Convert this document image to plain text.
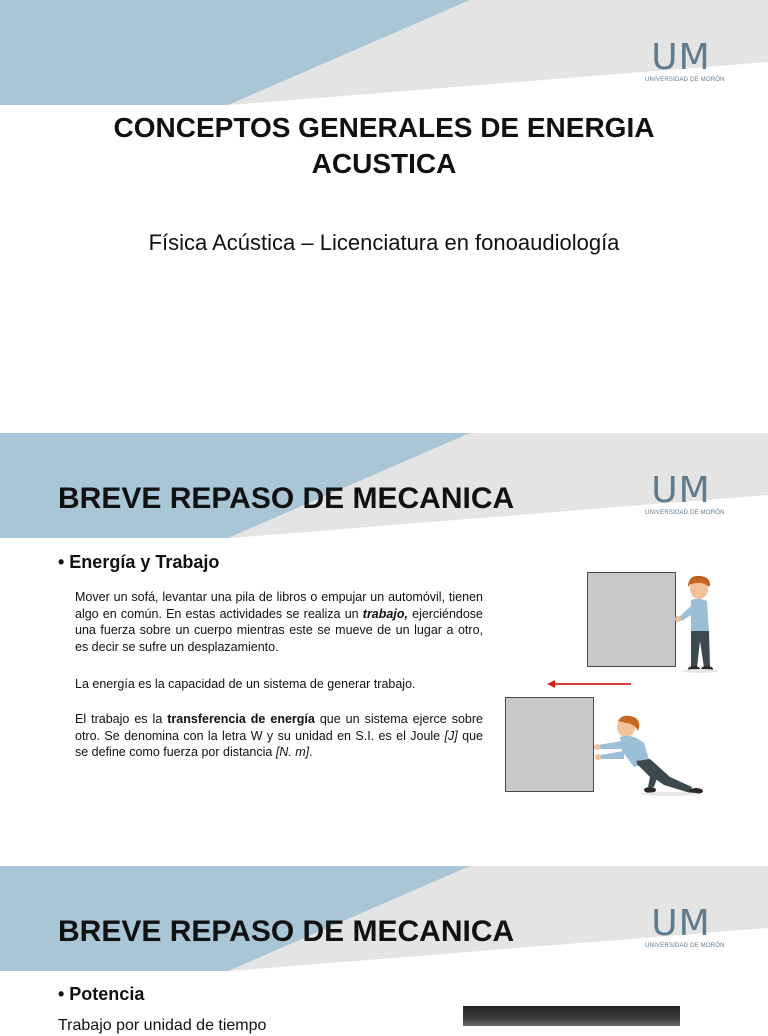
UM
UNIVERSIDAD DE MORÓN
CONCEPTOS GENERALES DE ENERGIA
ACUSTICA
Física Acústica – Licenciatura en fonoaudiología
UM
UNIVERSIDAD DE MORÓN
BREVE REPASO DE MECANICA
• Energía y Trabajo
Mover un sofá, levantar una pila de libros o empujar un automóvil, tienen algo en común. En estas actividades se realiza un trabajo, ejerciéndose una fuerza sobre un cuerpo mientras este se mueve de un lugar a otro, es decir se sufre un desplazamiento.
La energía es la capacidad de un sistema de generar trabajo.
El trabajo es la transferencia de energía que un sistema ejerce sobre otro. Se denomina con la letra W y su unidad en S.I. es el Joule [J] que se define como fuerza por distancia [N. m].
UM
UNIVERSIDAD DE MORÓN
BREVE REPASO DE MECANICA
• Potencia
Trabajo por unidad de tiempo
